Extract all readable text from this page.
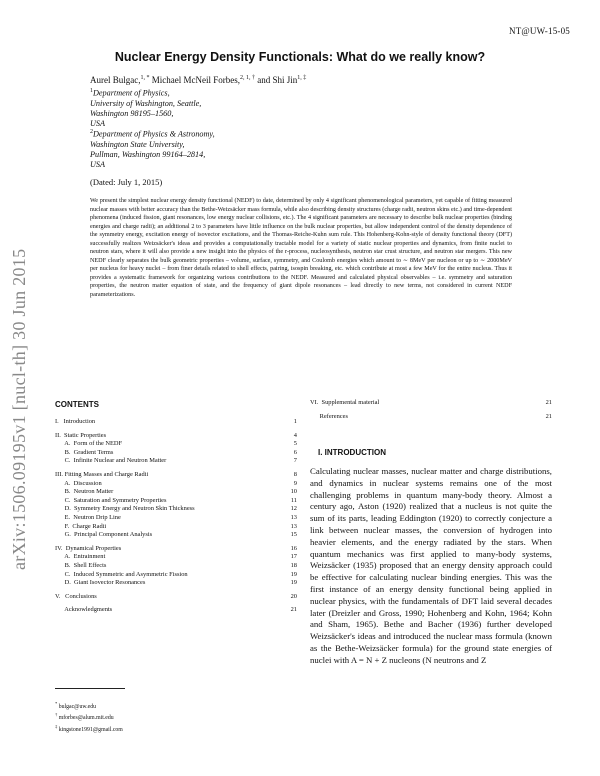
NT@UW-15-05
arXiv:1506.09195v1 [nucl-th] 30 Jun 2015
Nuclear Energy Density Functionals: What do we really know?
Aurel Bulgac,$^{1, *}$ Michael McNeil Forbes,$^{2, 1, \dagger}$ and Shi Jin$^{1, \ddagger}$
$^1$Department of Physics,
University of Washington, Seattle,
Washington 98195–1560,
USA
$^2$Department of Physics & Astronomy,
Washington State University,
Pullman, Washington 99164–2814,
USA
(Dated: July 1, 2015)
We present the simplest nuclear energy density functional (NEDF) to date, determined by only 4 significant phenomenological parameters, yet capable of fitting measured nuclear masses with better accuracy than the Bethe-Weizsäcker mass formula, while also describing density structures (charge radii, neutron skins etc.) and time-dependent phenomena (induced fission, giant resonances, low energy nuclear collisions, etc.). The 4 significant parameters are necessary to describe bulk nuclear properties (binding energies and charge radii); an additional 2 to 3 parameters have little influence on the bulk nuclear properties, but allow independent control of the density dependence of the symmetry energy, excitation energy of isovector excitations, and the Thomas-Reiche-Kuhn sum rule. This Hohenberg-Kohn-style of density functional theory (DFT) successfully realizes Weizsäcker's ideas and provides a computationally tractable model for a variety of static nuclear properties and dynamics, from finite nuclei to neutron stars, where it will also provide a new insight into the physics of the r-process, nucleosynthesis, neutron star crust structure, and neutron star mergers. This new NEDF clearly separates the bulk geometric properties – volume, surface, symmetry, and Coulomb energies which amount to ∼ 8MeV per nucleon or up to ∼ 2000MeV per nucleus for heavy nuclei – from finer details related to shell effects, pairing, isospin breaking, etc. which contribute at most a few MeV for the entire nucleus. Thus it provides a systematic framework for organizing various contributions to the NEDF. Measured and calculated physical observables – i.e. symmetry and saturation properties, the neutron matter equation of state, and the frequency of giant dipole resonances – lead directly to new terms, not considered in current NEDF parameterizations.
CONTENTS
I.   Introduction	1
II.  Static Properties	4
A.  Form of the NEDF	5
B.  Gradient Terms	6
C.  Infinite Nuclear and Neutron Matter	7
III. Fitting Masses and Charge Radii	8
A.  Discussion	9
B.  Neutron Matter	10
C.  Saturation and Symmetry Properties	11
D.  Symmetry Energy and Neutron Skin Thickness	12
E.  Neutron Drip Line	13
F.  Charge Radii	13
G.  Principal Component Analysis	15
IV.  Dynamical Properties	16
A.  Entrainment	17
B.  Shell Effects	18
C.  Induced Symmetric and Asymmetric Fission	19
D.  Giant Isovector Resonances	19
V.   Conclusions	20
Acknowledgments	21
VI.  Supplemental material	21
References	21
I. INTRODUCTION
Calculating nuclear masses, nuclear matter and charge distributions, and dynamics in nuclear systems remains one of the most challenging problems in quantum many-body theory. Almost a century ago, Aston (1920) realized that a nucleus is not quite the sum of its parts, leading Eddington (1920) to correctly conjecture a link between nuclear masses, the conversion of hydrogen into heavier elements, and the energy radiated by the stars. When quantum mechanics was first applied to many-body systems, Weizsäcker (1935) proposed that an energy density approach could be effective for calculating nuclear binding energies. This was the first instance of an energy density functional being applied in nuclear physics, with the fundamentals of DFT laid several decades later (Dreizler and Gross, 1990; Hohenberg and Kohn, 1964; Kohn and Sham, 1965). Bethe and Bacher (1936) further developed Weizsäcker's ideas and introduced the nuclear mass formula (known as the Bethe-Weizsäcker formula) for the ground state energies of nuclei with A = N + Z nucleons (N neutrons and Z
* bulgac@uw.edu
† mforbes@alum.mit.edu
‡ kingstone1991@gmail.com
